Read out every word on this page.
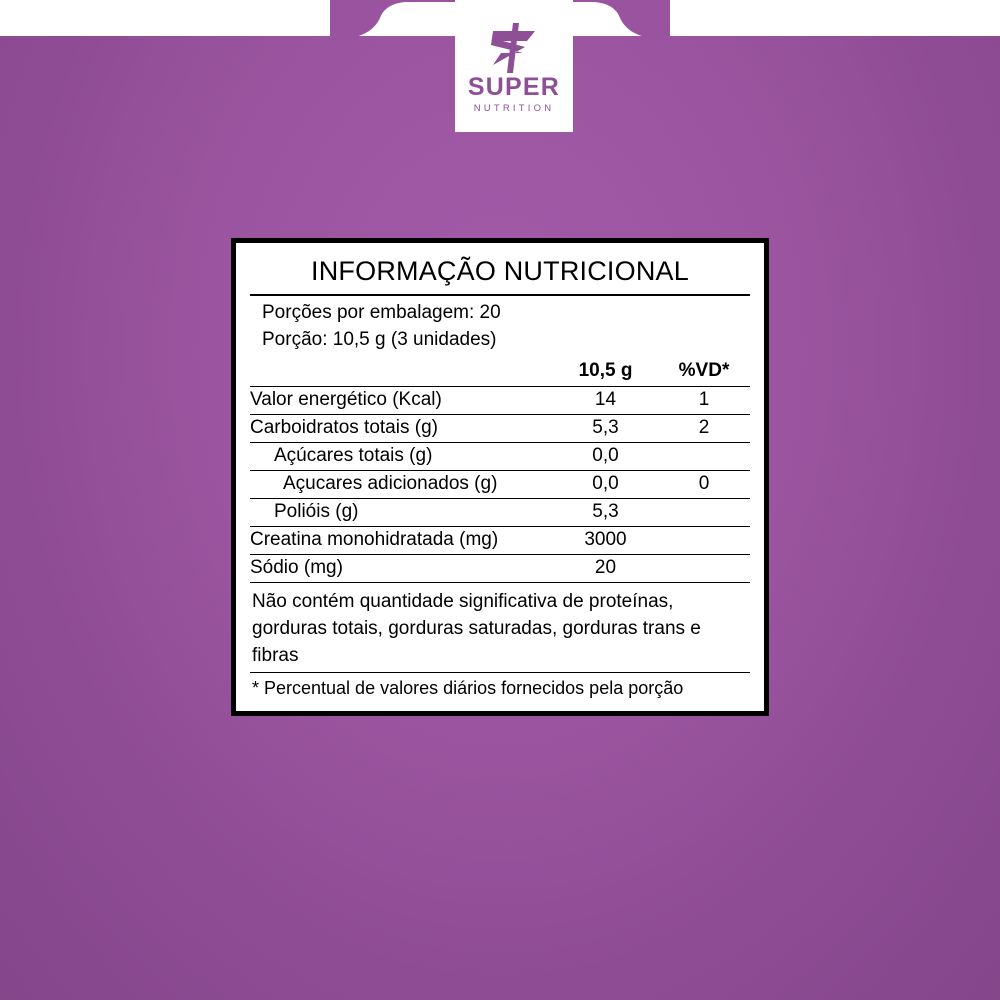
SUPER
NUTRITION
INFORMAÇÃO NUTRICIONAL
Porções por embalagem: 20
Porção: 10,5 g (3 unidades)
	10,5 g	%VD*
Valor energético (Kcal)	14	1
Carboidratos totais (g)	5,3	2
Açúcares totais (g)	0,0	
Açucares adicionados (g)	0,0	0
Polióis (g)	5,3	
Creatina monohidratada (mg)	3000	
Sódio (mg)	20	
Não contém quantidade significativa de proteínas, gorduras totais, gorduras saturadas, gorduras trans e fibras
* Percentual de valores diários fornecidos pela porção
